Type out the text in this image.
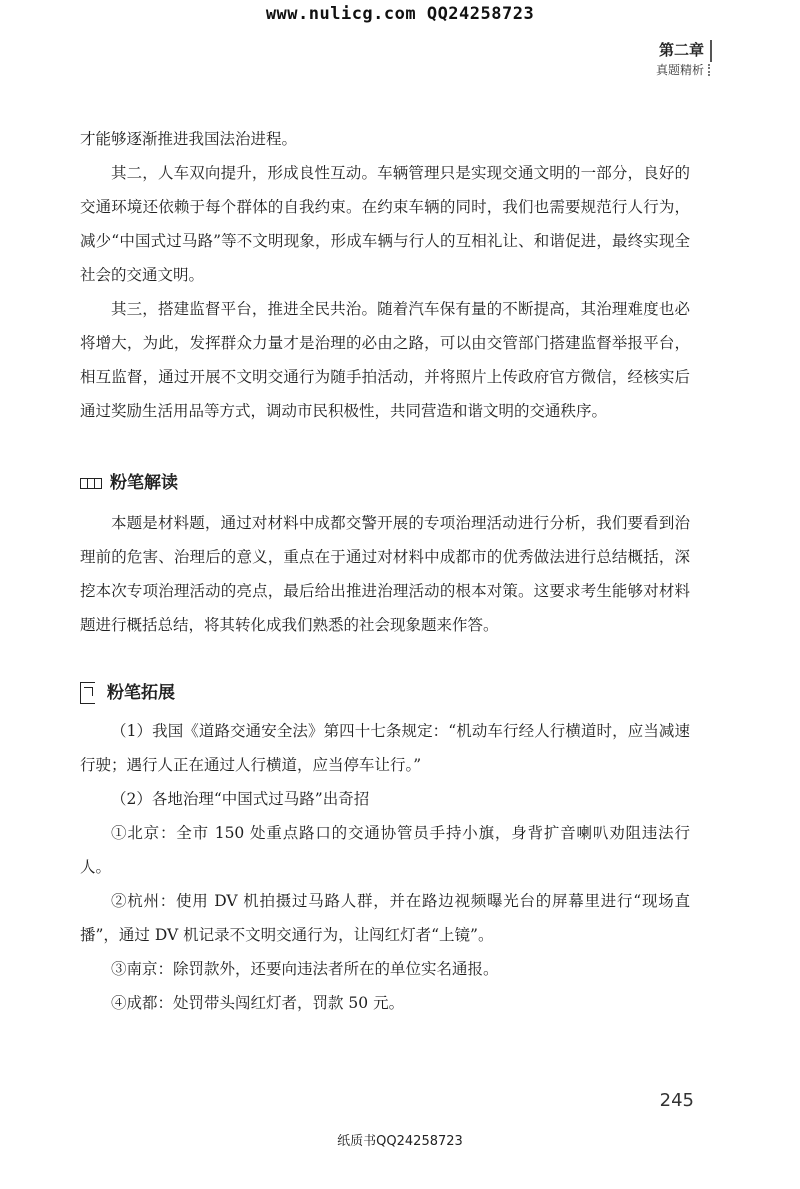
www.nulicg.com QQ24258723
第二章
真题精析

才能够逐渐推进我国法治进程。

其二，人车双向提升，形成良性互动。车辆管理只是实现交通文明的一部分，良好的交通环境还依赖于每个群体的自我约束。在约束车辆的同时，我们也需要规范行人行为，减少“中国式过马路”等不文明现象，形成车辆与行人的互相礼让、和谐促进，最终实现全社会的交通文明。

其三，搭建监督平台，推进全民共治。随着汽车保有量的不断提高，其治理难度也必将增大，为此，发挥群众力量才是治理的必由之路，可以由交管部门搭建监督举报平台，相互监督，通过开展不文明交通行为随手拍活动，并将照片上传政府官方微信，经核实后通过奖励生活用品等方式，调动市民积极性，共同营造和谐文明的交通秩序。

粉笔解读

本题是材料题，通过对材料中成都交警开展的专项治理活动进行分析，我们要看到治理前的危害、治理后的意义，重点在于通过对材料中成都市的优秀做法进行总结概括，深挖本次专项治理活动的亮点，最后给出推进治理活动的根本对策。这要求考生能够对材料题进行概括总结，将其转化成我们熟悉的社会现象题来作答。

粉笔拓展

（1）我国《道路交通安全法》第四十七条规定：“机动车行经人行横道时，应当减速行驶；遇行人正在通过人行横道，应当停车让行。”

（2）各地治理“中国式过马路”出奇招

①北京：全市 150 处重点路口的交通协管员手持小旗，身背扩音喇叭劝阻违法行人。

②杭州：使用 DV 机拍摄过马路人群，并在路边视频曝光台的屏幕里进行“现场直播”，通过 DV 机记录不文明交通行为，让闯红灯者“上镜”。

③南京：除罚款外，还要向违法者所在的单位实名通报。

④成都：处罚带头闯红灯者，罚款 50 元。

245
纸质书QQ24258723
